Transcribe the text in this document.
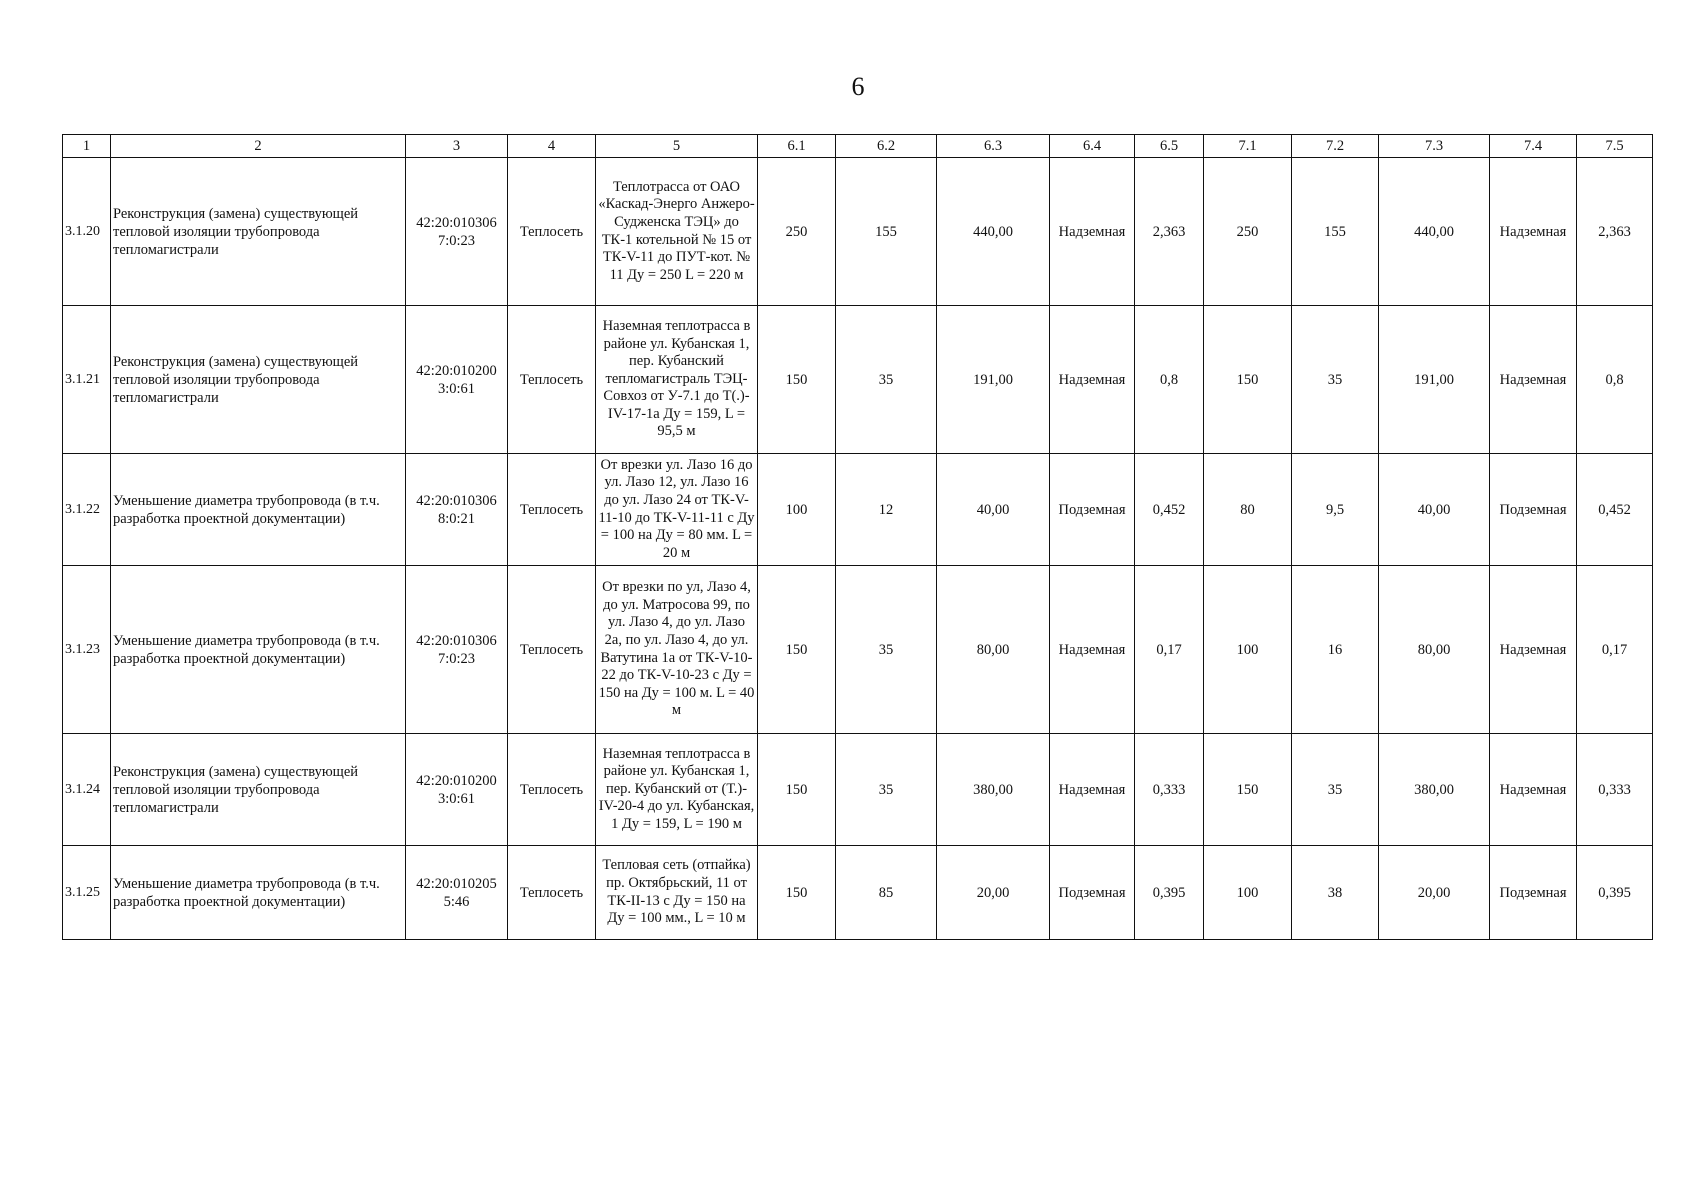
6
1	2	3	4	5	6.1	6.2	6.3	6.4	6.5	7.1	7.2	7.3	7.4	7.5
3.1.20	Реконструкция (замена) существующей тепловой изоляции трубопровода тепломагистрали	42:20:010306 7:0:23	Теплосеть	Теплотрасса от ОАО «Каскад-Энерго Анжеро-Судженска ТЭЦ» до ТК-1 котельной № 15 от ТК-V-11 до ПУТ-кот. № 11 Ду = 250 L = 220 м	250	155	440,00	Надземная	2,363	250	155	440,00	Надземная	2,363
3.1.21	Реконструкция (замена) существующей тепловой изоляции трубопровода тепломагистрали	42:20:010200 3:0:61	Теплосеть	Наземная теплотрасса в районе ул. Кубанская 1, пер. Кубанский тепломагистраль ТЭЦ-Совхоз от У-7.1 до Т(.)-IV-17-1а Ду = 159, L = 95,5 м	150	35	191,00	Надземная	0,8	150	35	191,00	Надземная	0,8
3.1.22	Уменьшение диаметра трубопровода (в т.ч. разработка проектной документации)	42:20:010306 8:0:21	Теплосеть	От врезки ул. Лазо 16 до ул. Лазо 12, ул. Лазо 16 до ул. Лазо 24 от ТК-V-11-10 до ТК-V-11-11 с Ду = 100 на Ду = 80 мм. L = 20 м	100	12	40,00	Подземная	0,452	80	9,5	40,00	Подземная	0,452
3.1.23	Уменьшение диаметра трубопровода (в т.ч. разработка проектной документации)	42:20:010306 7:0:23	Теплосеть	От врезки по ул, Лазо 4, до ул. Матросова 99, по ул. Лазо 4, до ул. Лазо 2а, по ул. Лазо 4, до ул. Ватутина 1а от ТК-V-10-22 до ТК-V-10-23 с Ду = 150 на Ду = 100 м. L = 40 м	150	35	80,00	Надземная	0,17	100	16	80,00	Надземная	0,17
3.1.24	Реконструкция (замена) существующей тепловой изоляции трубопровода тепломагистрали	42:20:010200 3:0:61	Теплосеть	Наземная теплотрасса в районе ул. Кубанская 1, пер. Кубанский от (Т.)-IV-20-4 до ул. Кубанская, 1 Ду = 159, L = 190 м	150	35	380,00	Надземная	0,333	150	35	380,00	Надземная	0,333
3.1.25	Уменьшение диаметра трубопровода (в т.ч. разработка проектной документации)	42:20:010205 5:46	Теплосеть	Тепловая сеть (отпайка) пр. Октябрьский, 11 от ТК-II-13 с Ду = 150 на Ду = 100 мм., L = 10 м	150	85	20,00	Подземная	0,395	100	38	20,00	Подземная	0,395
